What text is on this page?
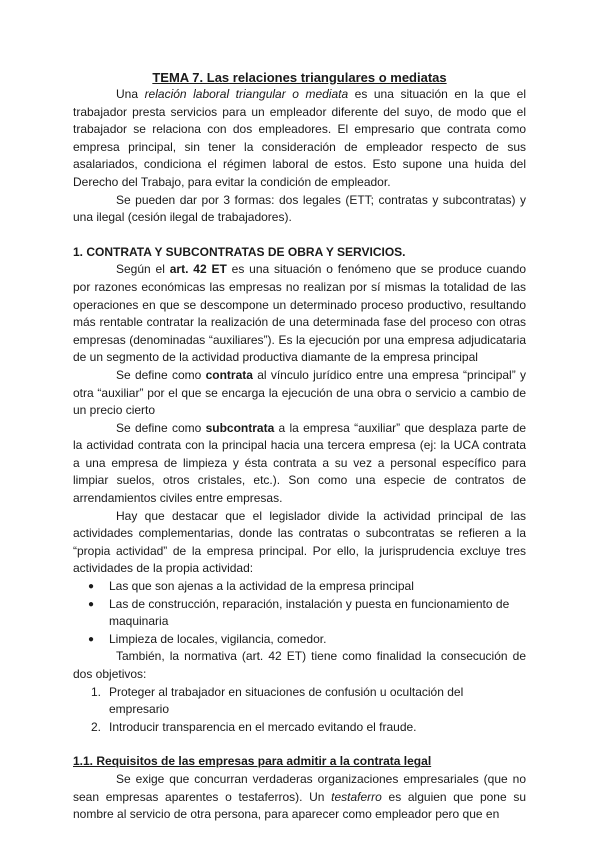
TEMA 7. Las relaciones triangulares o mediatas

Una relación laboral triangular o mediata es una situación en la que el trabajador presta servicios para un empleador diferente del suyo, de modo que el trabajador se relaciona con dos empleadores. El empresario que contrata como empresa principal, sin tener la consideración de empleador respecto de sus asalariados, condiciona el régimen laboral de estos. Esto supone una huida del Derecho del Trabajo, para evitar la condición de empleador.

Se pueden dar por 3 formas: dos legales (ETT; contratas y subcontratas) y una ilegal (cesión ilegal de trabajadores).

1. CONTRATA Y SUBCONTRATAS DE OBRA Y SERVICIOS.

Según el art. 42 ET es una situación o fenómeno que se produce cuando por razones económicas las empresas no realizan por sí mismas la totalidad de las operaciones en que se descompone un determinado proceso productivo, resultando más rentable contratar la realización de una determinada fase del proceso con otras empresas (denominadas “auxiliares”). Es la ejecución por una empresa adjudicataria de un segmento de la actividad productiva diamante de la empresa principal

Se define como contrata al vínculo jurídico entre una empresa “principal” y otra “auxiliar” por el que se encarga la ejecución de una obra o servicio a cambio de un precio cierto

Se define como subcontrata a la empresa “auxiliar” que desplaza parte de la actividad contrata con la principal hacia una tercera empresa (ej: la UCA contrata a una empresa de limpieza y ésta contrata a su vez a personal específico para limpiar suelos, otros cristales, etc.). Son como una especie de contratos de arrendamientos civiles entre empresas.

Hay que destacar que el legislador divide la actividad principal de las actividades complementarias, donde las contratas o subcontratas se refieren a la “propia actividad” de la empresa principal. Por ello, la jurisprudencia excluye tres actividades de la propia actividad:

● Las que son ajenas a la actividad de la empresa principal
● Las de construcción, reparación, instalación y puesta en funcionamiento de maquinaria
● Limpieza de locales, vigilancia, comedor.

También, la normativa (art. 42 ET) tiene como finalidad la consecución de dos objetivos:

1. Proteger al trabajador en situaciones de confusión u ocultación del empresario
2. Introducir transparencia en el mercado evitando el fraude.
1.1. Requisitos de las empresas para admitir a la contrata legal

Se exige que concurran verdaderas organizaciones empresariales (que no sean empresas aparentes o testaferros). Un testaferro es alguien que pone su nombre al servicio de otra persona, para aparecer como empleador pero que en
